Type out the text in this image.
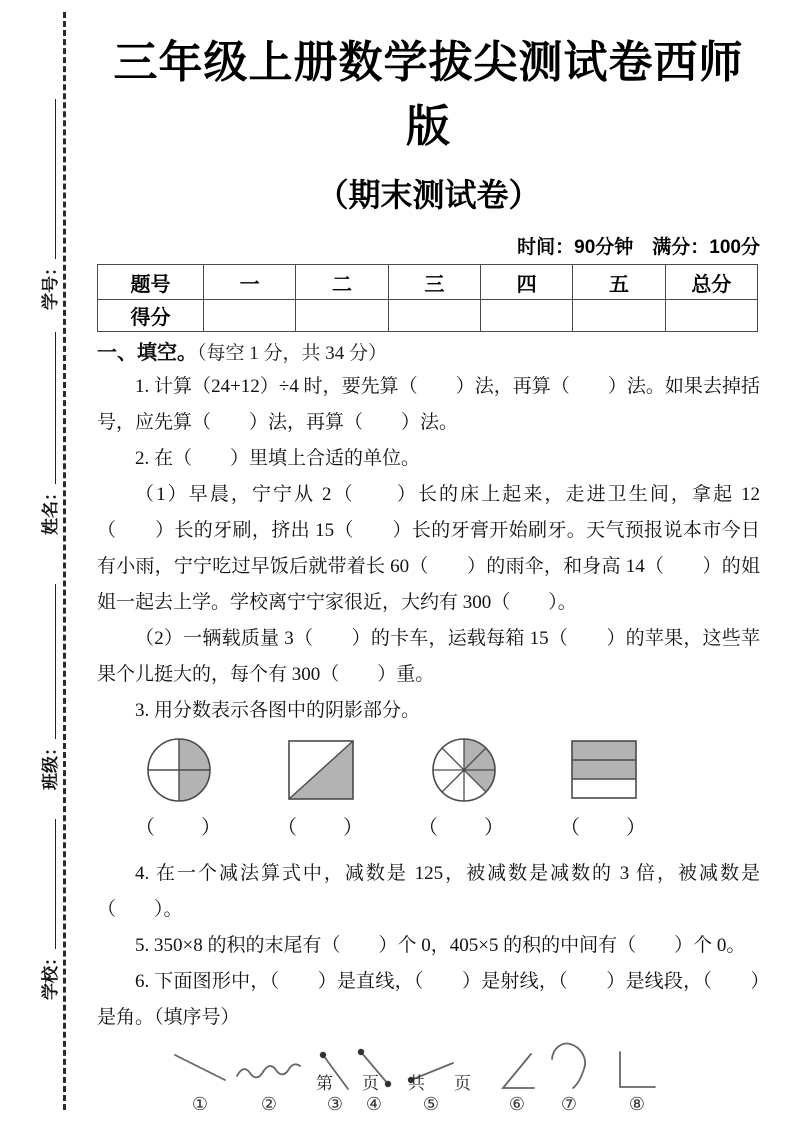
学号：
姓名：
班级：
学校：
三年级上册数学拔尖测试卷西师版
（期末测试卷）
时间：90分钟　满分：100分
题号	一	二	三	四	五	总分
得分						
一、填空。（每空 1 分，共 34 分）

1. 计算（24+12）÷4 时，要先算（　　）法，再算（　　）法。如果去掉括号，应先算（　　）法，再算（　　）法。

2. 在（　　）里填上合适的单位。

（1）早晨，宁宁从 2（　　）长的床上起来，走进卫生间，拿起 12（　　）长的牙刷，挤出 15（　　）长的牙膏开始刷牙。天气预报说本市今日有小雨，宁宁吃过早饭后就带着长 60（　　）的雨伞，和身高 14（　　）的姐姐一起去上学。学校离宁宁家很近，大约有 300（　　）。

（2）一辆载质量 3（　　）的卡车，运载每箱 15（　　）的苹果，这些苹果个儿挺大的，每个有 300（　　）重。

3. 用分数表示各图中的阴影部分。

（　　）	（　　）	（　　）	（　　）

4. 在一个减法算式中，减数是 125，被减数是减数的 3 倍，被减数是（　　）。

5. 350×8 的积的末尾有（　　）个 0，405×5 的积的中间有（　　）个 0。

6. 下面图形中，（　　）是直线，（　　）是射线，（　　）是线段，（　　）是角。（填序号）

①	②	③ ④ ⑤	⑥ ⑦	⑧
第　页　共　页
